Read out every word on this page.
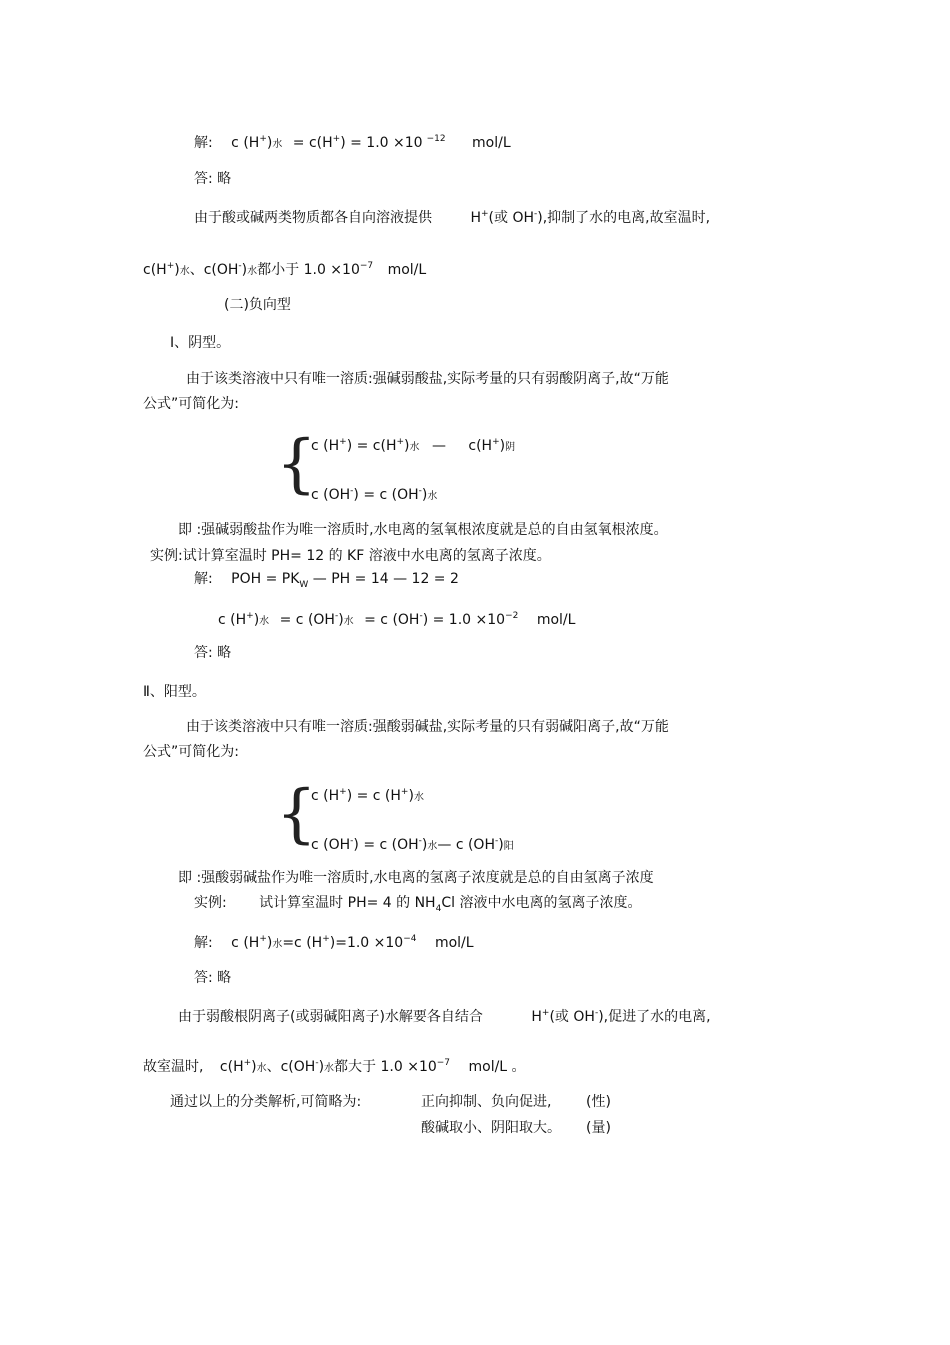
解: c (H+)水 = c(H+) = 1.0 ×10 $^{-12}$ mol/L
答: 略
由于酸或碱两类物质都各自向溶液提供	H+(或 OH-),抑制了水的电离,故室温时,
c(H+)水、c(OH-)水都小于 $1.0 \times 10^{-7}$ mol/L
(二)负向型
Ⅰ、阴型。
由于该类溶液中只有唯一溶质:强碱弱酸盐,实际考量的只有弱酸阴离子,故“万能
公式”可简化为:
{
c (H+) = c(H+)水 — c(H+)阴
c (OH-) = c (OH-)水
即 :强碱弱酸盐作为唯一溶质时,水电离的氢氧根浓度就是总的自由氢氧根浓度。
实例:试计算室温时 PH= 12 的 KF 溶液中水电离的氢离子浓度。
解: POH = $PK_W$ — PH = 14 — 12 = 2
c (H+)水 = c (OH-)水 = c $(OH^-) = 1.0 \times 10^{-2}$ mol/L
答: 略
Ⅱ、阳型。
由于该类溶液中只有唯一溶质:强酸弱碱盐,实际考量的只有弱碱阳离子,故“万能
公式”可简化为:
{
c (H+) = c (H+)水
c (OH-) = c (OH-)水— c (OH-)阳
即 :强酸弱碱盐作为唯一溶质时,水电离的氢离子浓度就是总的自由氢离子浓度
实例: 试计算室温时 PH= 4 的 $NH_4Cl$ 溶液中水电离的氢离子浓度。
解: c (H+)水=c $(H^+)=1.0 \times 10^{-4}$ mol/L
答: 略
由于弱酸根阴离子(或弱碱阳离子)水解要各自结合	H+(或 OH-),促进了水的电离,
故室温时, c(H+)水、c(OH-)水都大于 $1.0 \times 10^{-7}$ mol/L 。
通过以上的分类解析,可简略为:	正向抑制、负向促进, (性)
酸碱取小、阴阳取大。 (量)
